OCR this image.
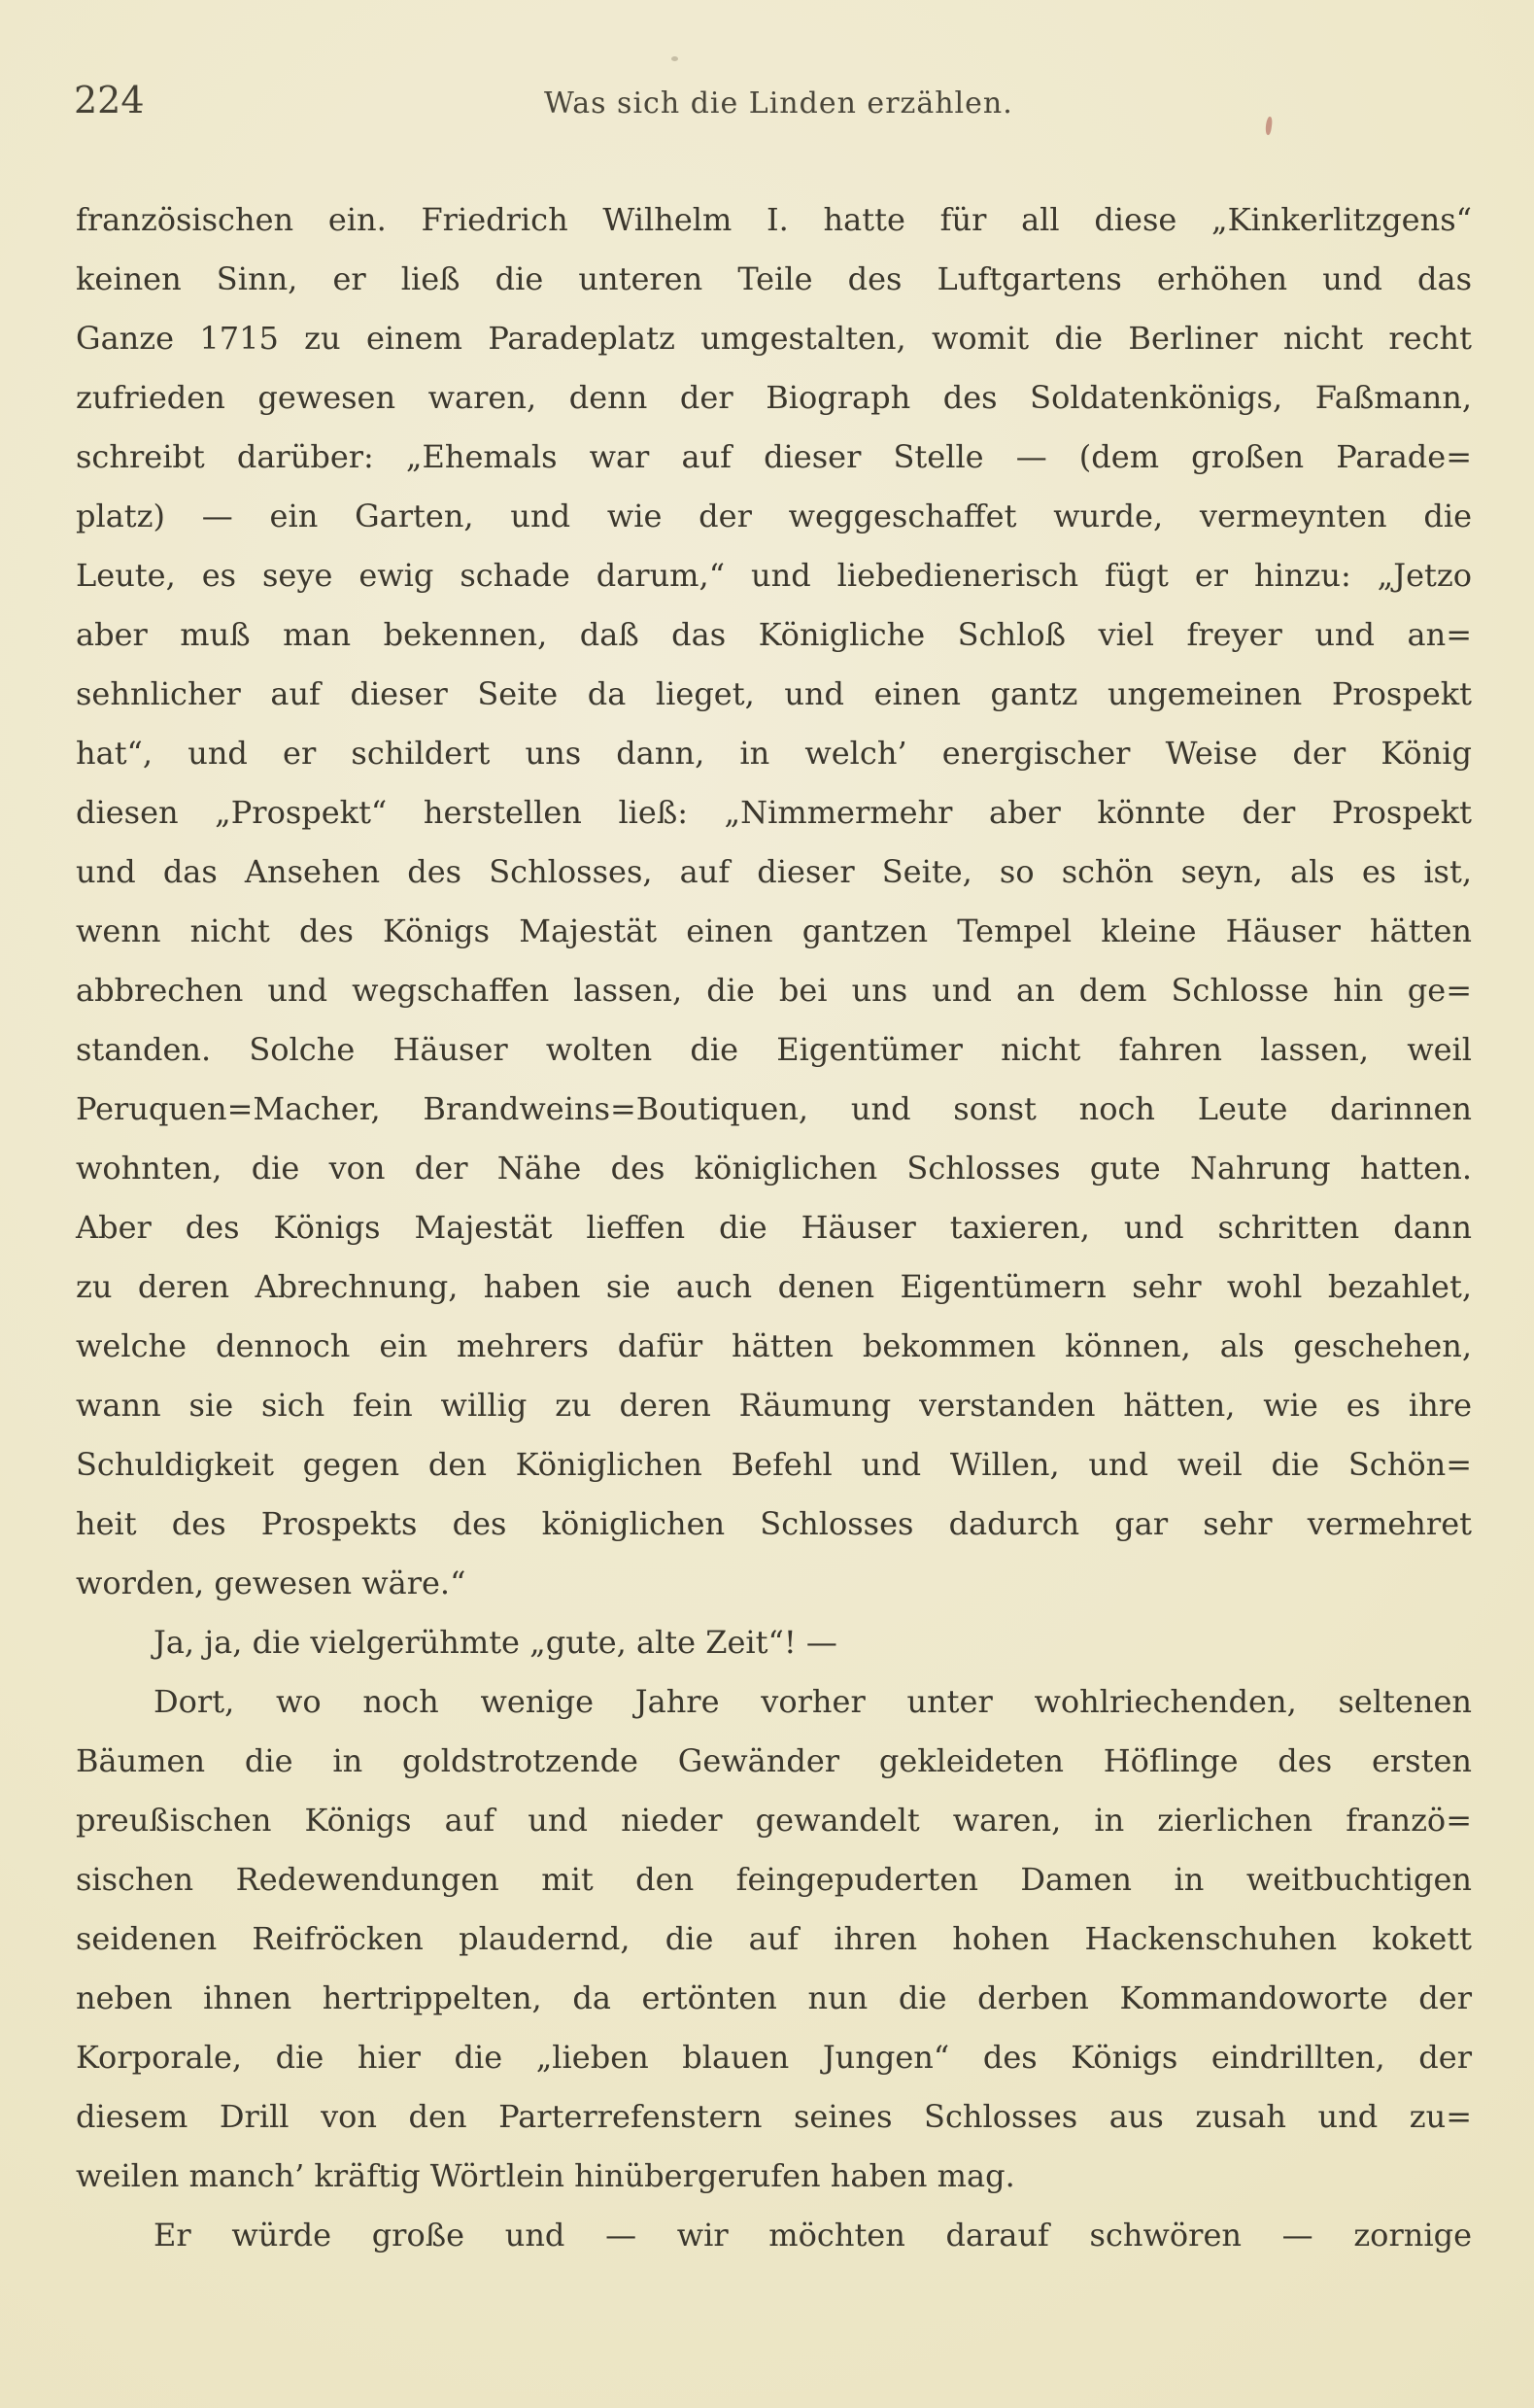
224	Was sich die Linden erzählen.
französischen ein. Friedrich Wilhelm I. hatte für all diese „Kinkerlitzgens“
keinen Sinn, er ließ die unteren Teile des Luftgartens erhöhen und das
Ganze 1715 zu einem Paradeplatz umgestalten, womit die Berliner nicht recht
zufrieden gewesen waren, denn der Biograph des Soldatenkönigs, Faßmann,
schreibt darüber: „Ehemals war auf dieser Stelle — (dem großen Parade=
platz) — ein Garten, und wie der weggeschaffet wurde, vermeynten die
Leute, es seye ewig schade darum,“ und liebedienerisch fügt er hinzu: „Jetzo
aber muß man bekennen, daß das Königliche Schloß viel freyer und an=
sehnlicher auf dieser Seite da lieget, und einen gantz ungemeinen Prospekt
hat“, und er schildert uns dann, in welch’ energischer Weise der König
diesen „Prospekt“ herstellen ließ: „Nimmermehr aber könnte der Prospekt
und das Ansehen des Schlosses, auf dieser Seite, so schön seyn, als es ist,
wenn nicht des Königs Majestät einen gantzen Tempel kleine Häuser hätten
abbrechen und wegschaffen lassen, die bei uns und an dem Schlosse hin ge=
standen. Solche Häuser wolten die Eigentümer nicht fahren lassen, weil
Peruquen=Macher, Brandweins=Boutiquen, und sonst noch Leute darinnen
wohnten, die von der Nähe des königlichen Schlosses gute Nahrung hatten.
Aber des Königs Majestät lieffen die Häuser taxieren, und schritten dann
zu deren Abrechnung, haben sie auch denen Eigentümern sehr wohl bezahlet,
welche dennoch ein mehrers dafür hätten bekommen können, als geschehen,
wann sie sich fein willig zu deren Räumung verstanden hätten, wie es ihre
Schuldigkeit gegen den Königlichen Befehl und Willen, und weil die Schön=
heit des Prospekts des königlichen Schlosses dadurch gar sehr vermehret
worden, gewesen wäre.“
Ja, ja, die vielgerühmte „gute, alte Zeit“! —
Dort, wo noch wenige Jahre vorher unter wohlriechenden, seltenen
Bäumen die in goldstrotzende Gewänder gekleideten Höflinge des ersten
preußischen Königs auf und nieder gewandelt waren, in zierlichen franzö=
sischen Redewendungen mit den feingepuderten Damen in weitbuchtigen
seidenen Reifröcken plaudernd, die auf ihren hohen Hackenschuhen kokett
neben ihnen hertrippelten, da ertönten nun die derben Kommandoworte der
Korporale, die hier die „lieben blauen Jungen“ des Königs eindrillten, der
diesem Drill von den Parterrefenstern seines Schlosses aus zusah und zu=
weilen manch’ kräftig Wörtlein hinübergerufen haben mag.
Er würde große und — wir möchten darauf schwören — zornige
